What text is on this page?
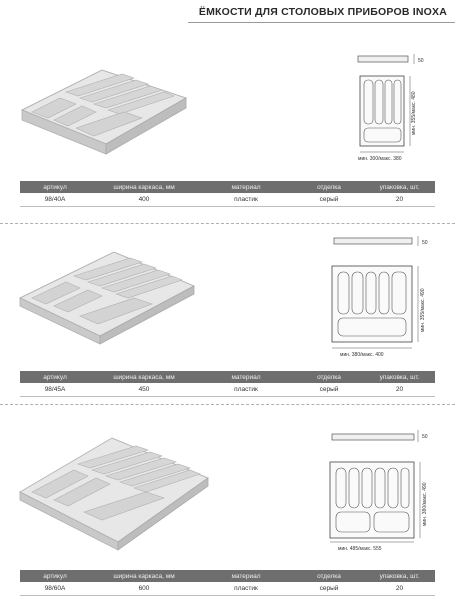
ЁМКОСТИ ДЛЯ СТОЛОВЫХ ПРИБОРОВ INOXA
50
мин. 355/макс. 480
мин. 300/макс. 380
артикул	ширина каркаса, мм	материал	отделка	упаковка, шт.
98/40A	400	пластик	серый	20
50
мин. 355/макс. 490
мин. 380/макс. 400
артикул	ширина каркаса, мм	материал	отделка	упаковка, шт.
98/45A	450	пластик	серый	20
50
мин. 380/макс. 490
мин. 485/макс. 555
артикул	ширина каркаса, мм	материал	отделка	упаковка, шт.
98/60A	600	пластик	серый	20
